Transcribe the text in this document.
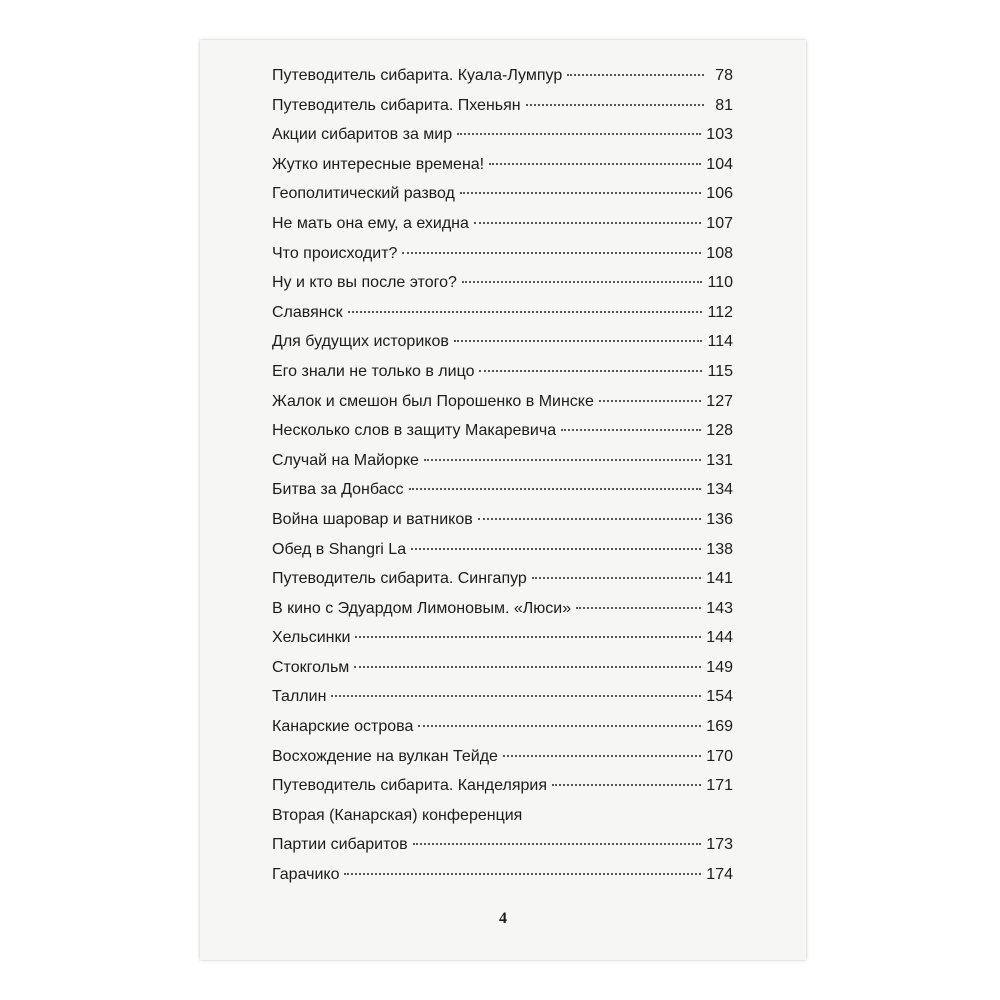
Путеводитель сибарита. Куала-Лумпур	78
Путеводитель сибарита. Пхеньян	81
Акции сибаритов за мир	103
Жутко интересные времена!	104
Геополитический развод	106
Не мать она ему, а ехидна	107
Что происходит?	108
Ну и кто вы после этого?	110
Славянск	112
Для будущих историков	114
Его знали не только в лицо	115
Жалок и смешон был Порошенко в Минске	127
Несколько слов в защиту Макаревича	128
Случай на Майорке	131
Битва за Донбасс	134
Война шаровар и ватников	136
Обед в Shangri La	138
Путеводитель сибарита. Сингапур	141
В кино с Эдуардом Лимоновым. «Люси»	143
Хельсинки	144
Стокгольм	149
Таллин	154
Канарские острова	169
Восхождение на вулкан Тейде	170
Путеводитель сибарита. Канделярия	171
Вторая (Канарская) конференция
Партии сибаритов	173
Гарачико	174
4
